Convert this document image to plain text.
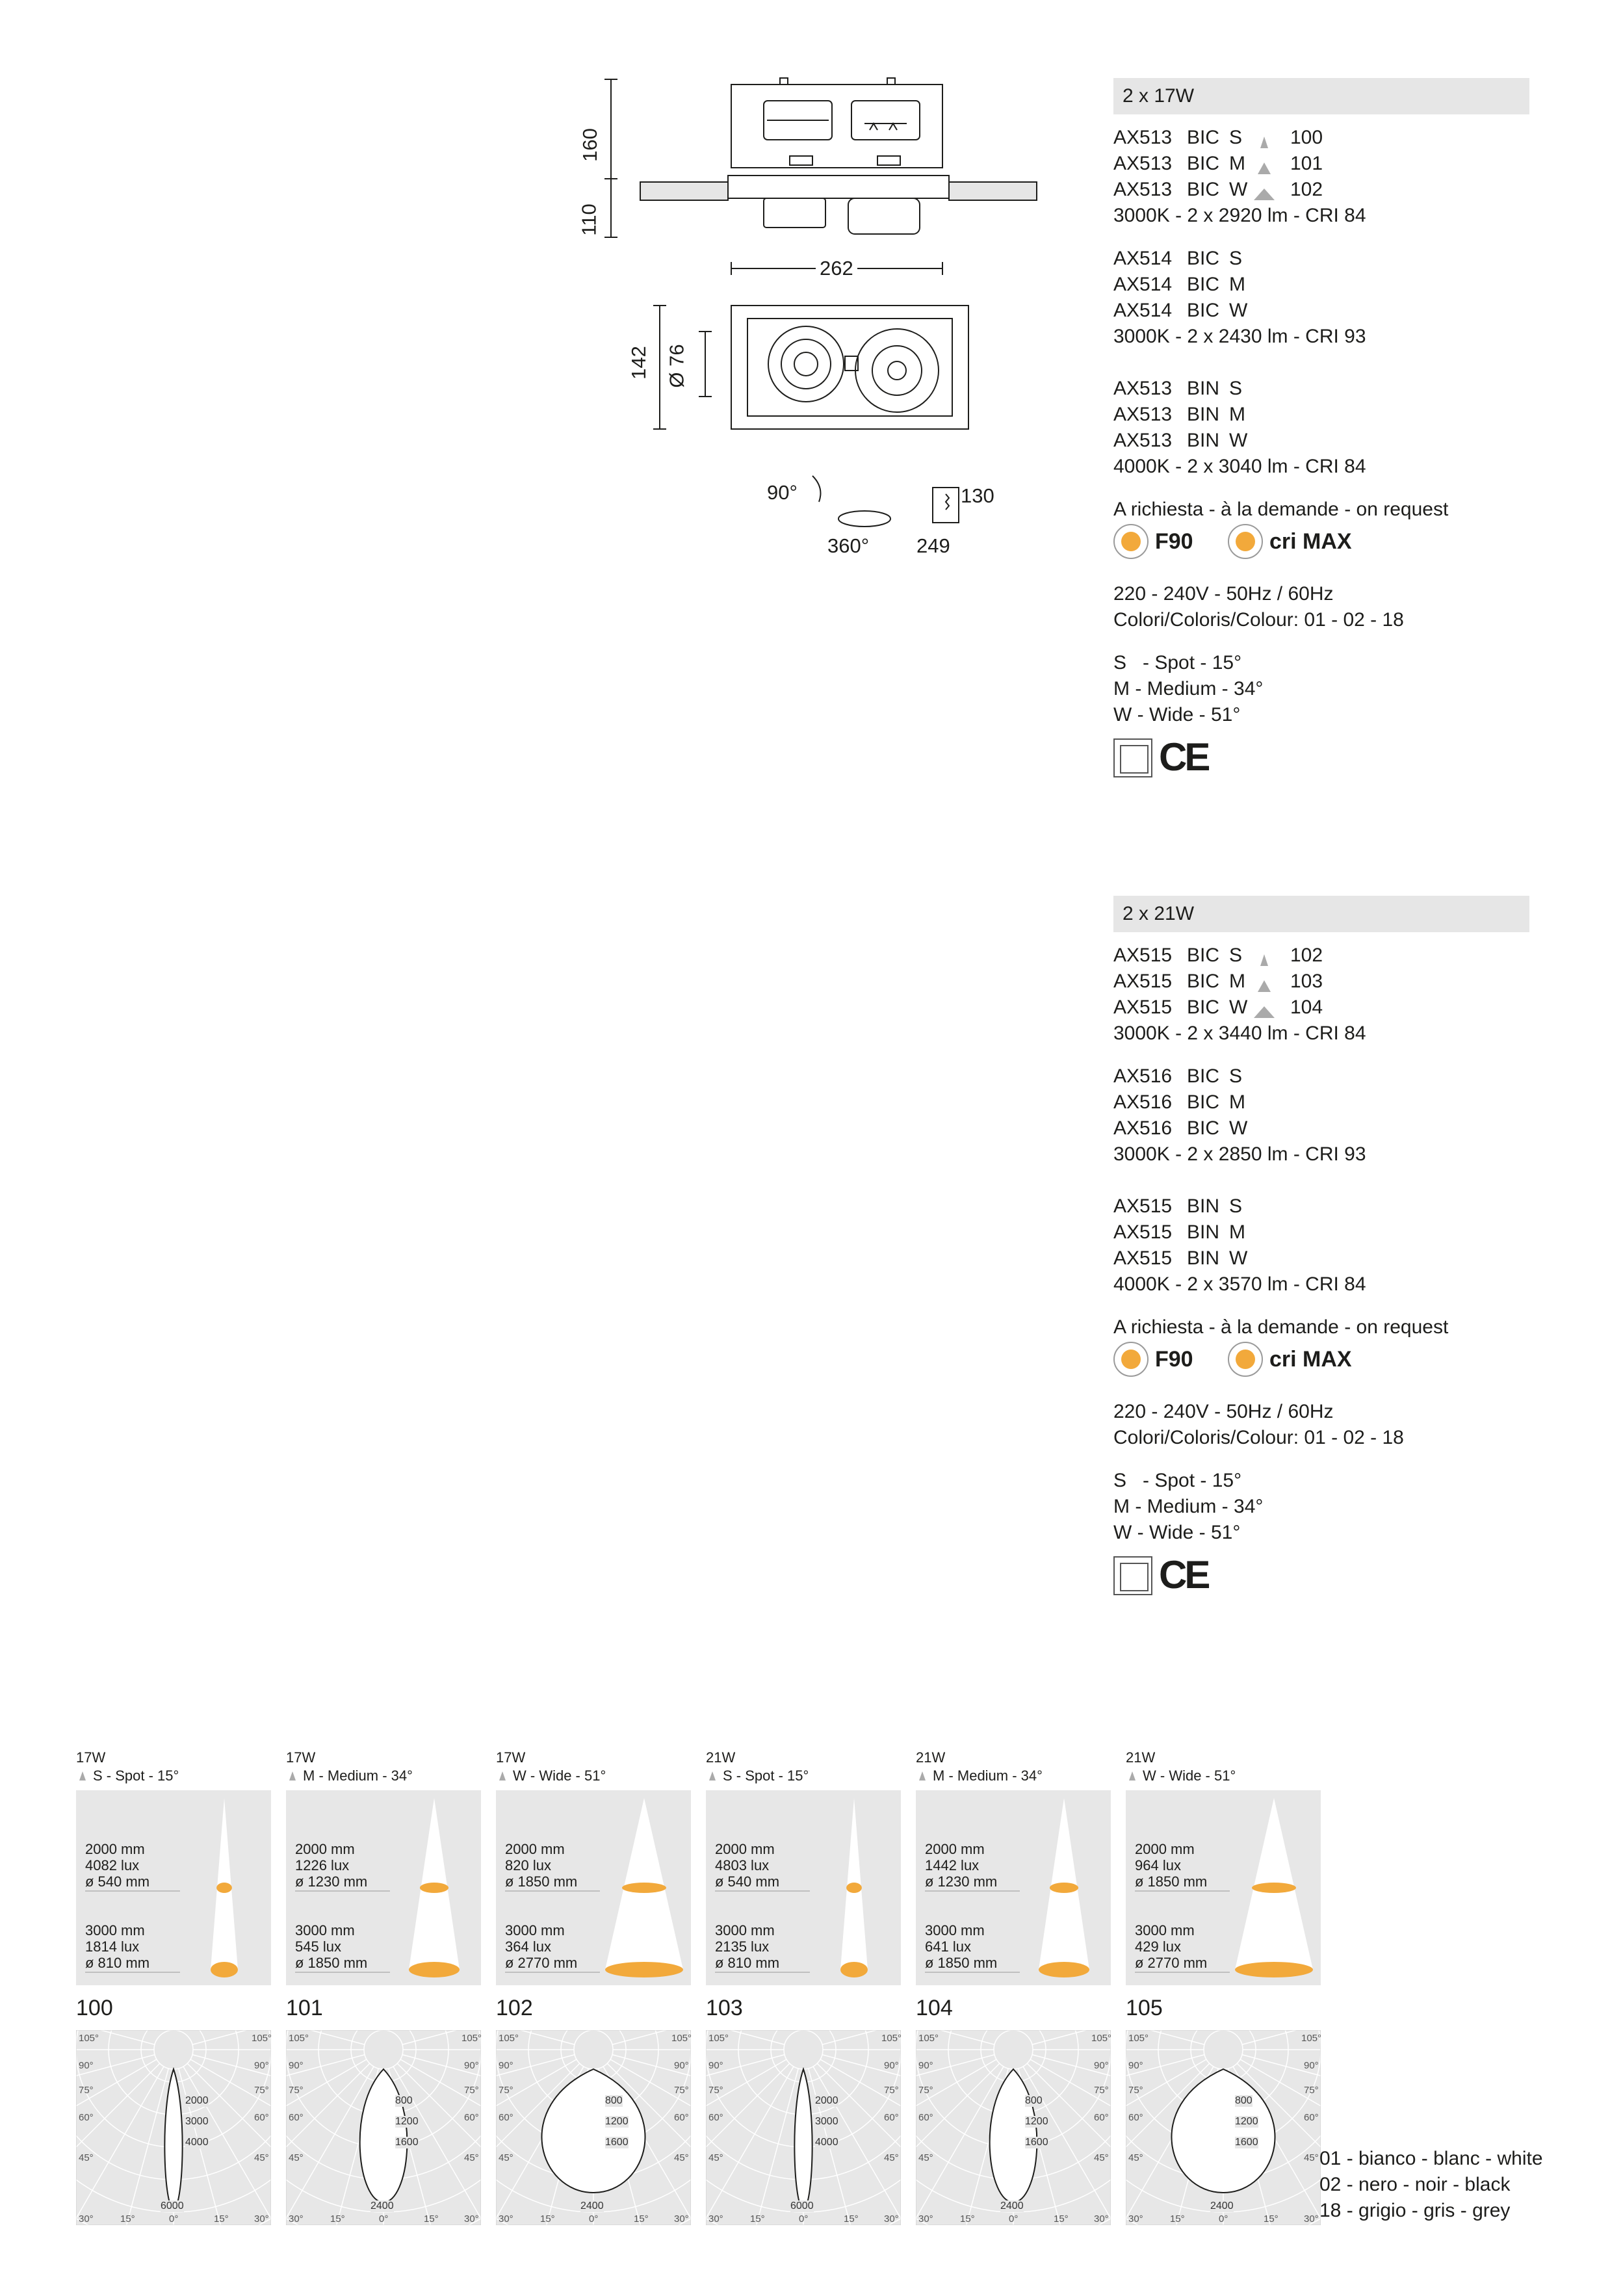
160
110
262
142 Ø 76
90°
360°
130
249
2 x 17W
AX513 BIC S 100
AX513 BIC M 101
AX513 BIC W 102
3000K - 2 x 2920 lm - CRI 84
AX514 BIC S
AX514 BIC M
AX514 BIC W
3000K - 2 x 2430 lm - CRI 93
AX513 BIN S
AX513 BIN M
AX513 BIN W
4000K - 2 x 3040 lm - CRI 84
A richiesta - à la demande - on request
F90	cri MAX
220 - 240V - 50Hz / 60Hz
Colori/Coloris/Colour: 01 - 02 - 18
S   - Spot - 15°
M - Medium - 34°
W - Wide - 51°
CE
2 x 21W
AX515 BIC S 102
AX515 BIC M 103
AX515 BIC W 104
3000K - 2 x 3440 lm - CRI 84
AX516 BIC S
AX516 BIC M
AX516 BIC W
3000K - 2 x 2850 lm - CRI 93
AX515 BIN S
AX515 BIN M
AX515 BIN W
4000K - 2 x 3570 lm - CRI 84
A richiesta - à la demande - on request
F90	cri MAX
220 - 240V - 50Hz / 60Hz
Colori/Coloris/Colour: 01 - 02 - 18
S   - Spot - 15°
M - Medium - 34°
W - Wide - 51°
CE
17W
S - Spot - 15°
2000 mm
4082 lux
ø 540 mm
3000 mm
1814 lux
ø 810 mm
100
105°	105°
90°	90°
75°	75°
60°	60°
45°	45°
30°	30°
15°	15°
0°
2000
3000
4000
6000
17W
M - Medium - 34°
2000 mm
1226 lux
ø 1230 mm
3000 mm
545 lux
ø 1850 mm
101
105°	105°
90°	90°
75°	75°
60°	60°
45°	45°
30°	30°
15°	15°
0°
800
1200
1600
2400
17W
W - Wide - 51°
2000 mm
820 lux
ø 1850 mm
3000 mm
364 lux
ø 2770 mm
102
105°	105°
90°	90°
75°	75°
60°	60°
45°	45°
30°	30°
15°	15°
0°
800
1200
1600
2400
21W
S - Spot - 15°
2000 mm
4803 lux
ø 540 mm
3000 mm
2135 lux
ø 810 mm
103
105°	105°
90°	90°
75°	75°
60°	60°
45°	45°
30°	30°
15°	15°
0°
2000
3000
4000
6000
21W
M - Medium - 34°
2000 mm
1442 lux
ø 1230 mm
3000 mm
641 lux
ø 1850 mm
104
105°	105°
90°	90°
75°	75°
60°	60°
45°	45°
30°	30°
15°	15°
0°
800
1200
1600
2400
21W
W - Wide - 51°
2000 mm
964 lux
ø 1850 mm
3000 mm
429 lux
ø 2770 mm
105
105°	105°
90°	90°
75°	75°
60°	60°
45°	45°
30°	30°
15°	15°
0°
800
1200
1600
2400
01 - bianco - blanc - white
02 - nero - noir - black
18 - grigio - gris - grey
